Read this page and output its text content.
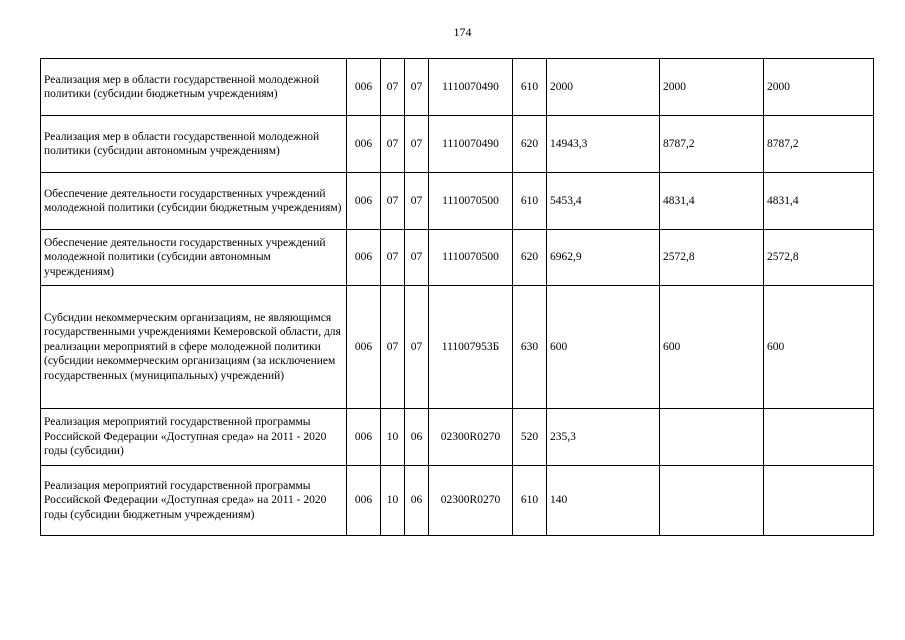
174
Реализация мер в области государственной молодежной политики (субсидии бюджетным учреждениям)	006	07	07	1110070490	610	2000	2000	2000
Реализация мер в области государственной молодежной политики (субсидии автономным учреждениям)	006	07	07	1110070490	620	14943,3	8787,2	8787,2
Обеспечение деятельности государственных учреждений молодежной политики (субсидии бюджетным учреждениям)	006	07	07	1110070500	610	5453,4	4831,4	4831,4
Обеспечение деятельности государственных учреждений молодежной политики (субсидии автономным учреждениям)	006	07	07	1110070500	620	6962,9	2572,8	2572,8
Субсидии некоммерческим организациям, не являющимся государственными учреждениями Кемеровской области, для реализации мероприятий в сфере молодежной политики (субсидии некоммерческим организациям (за исключением государственных (муниципальных) учреждений)	006	07	07	111007953Б	630	600	600	600
Реализация мероприятий государственной программы Российской Федерации «Доступная среда» на 2011 - 2020 годы (субсидии)	006	10	06	02300R0270	520	235,3		
Реализация мероприятий государственной программы Российской Федерации «Доступная среда» на 2011 - 2020 годы (субсидии бюджетным учреждениям)	006	10	06	02300R0270	610	140		
